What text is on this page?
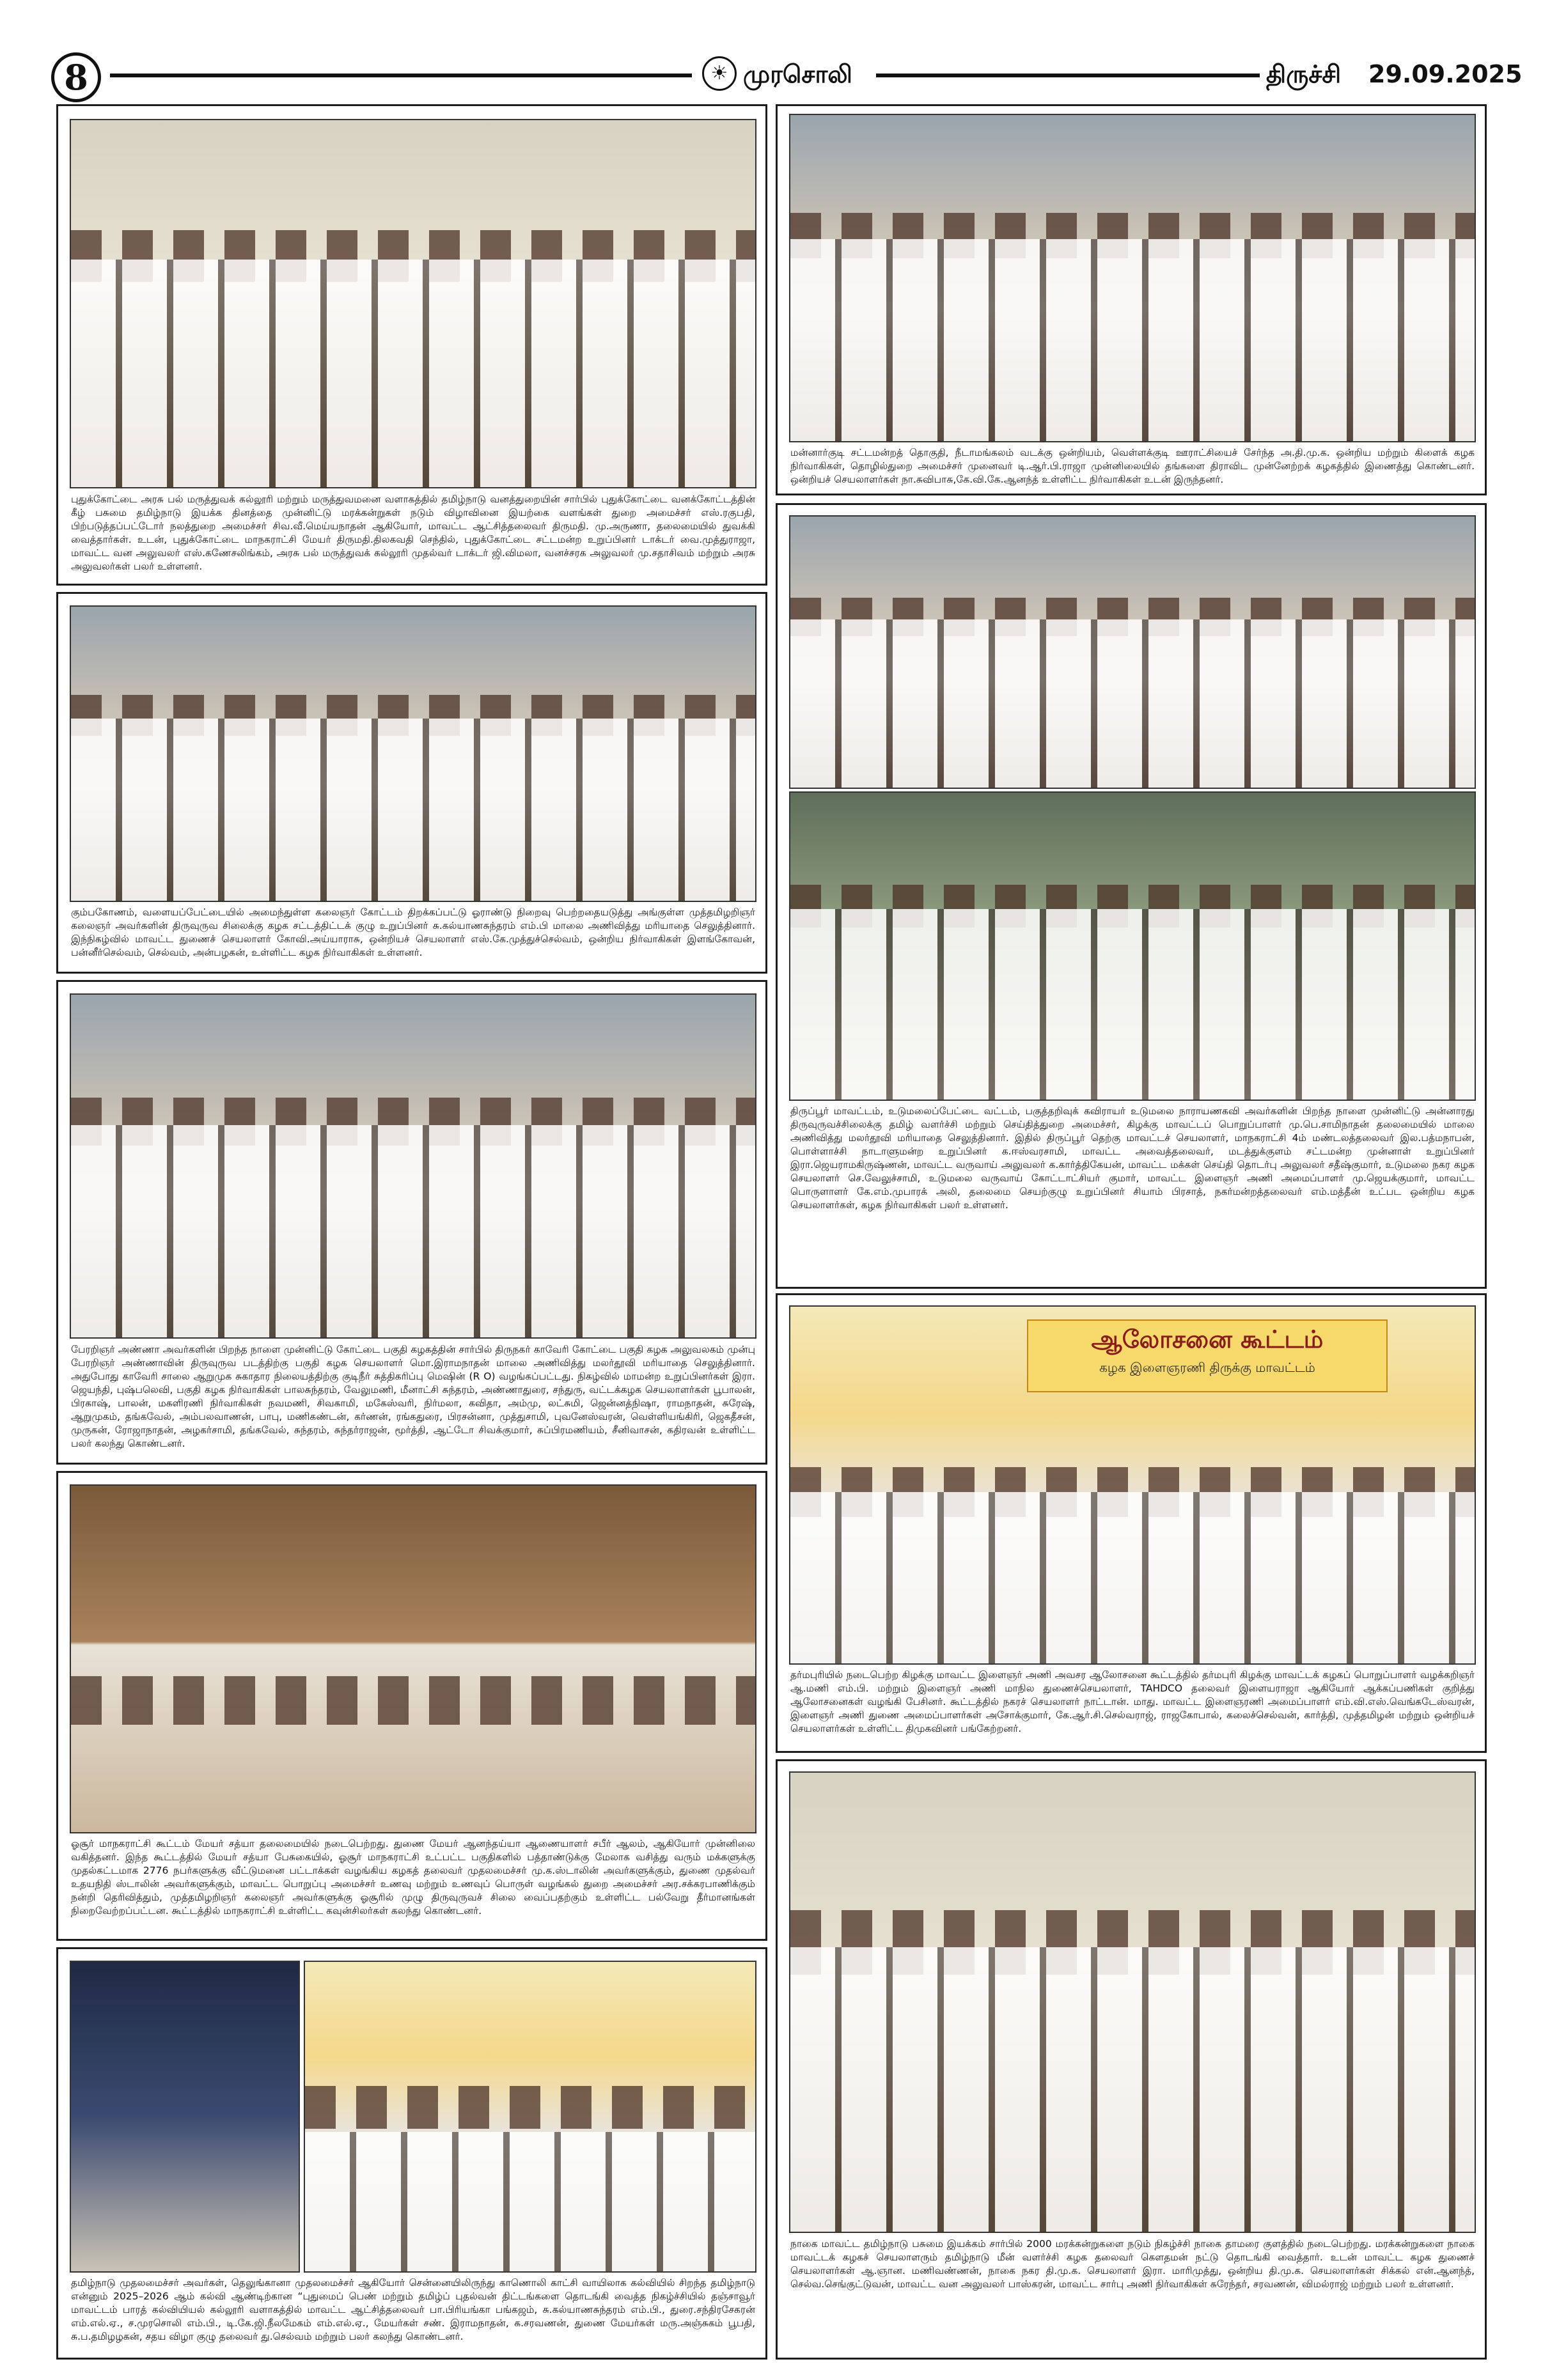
8	☀ முரசொலி	திருச்சி 29.09.2025
புதுக்கோட்டை அரசு பல் மருத்துவக் கல்லூரி மற்றும் மருத்துவமனை வளாகத்தில் தமிழ்நாடு வனத்துறையின் சார்பில் புதுக்கோட்டை வனக்கோட்டத்தின் கீழ் பசுமை தமிழ்நாடு இயக்க தினத்தை முன்னிட்டு மரக்கன்றுகள் நடும் விழாவினை இயற்கை வளங்கள் துறை அமைச்சர் எஸ்.ரகுபதி, பிற்படுத்தப்பட்டோர் நலத்துறை அமைச்சர் சிவ.வீ.மெய்யநாதன் ஆகியோர், மாவட்ட ஆட்சித்தலைவர் திருமதி. மு.அருணா, தலைமையில் துவக்கி வைத்தார்கள். உடன், புதுக்கோட்டை மாநகராட்சி மேயர் திருமதி.திலகவதி செந்தில், புதுக்கோட்டை சட்டமன்ற உறுப்பினர் டாக்டர் வை.முத்துராஜா, மாவட்ட வன அலுவலர் எஸ்.கணேசலிங்கம், அரசு பல் மருத்துவக் கல்லூரி முதல்வர் டாக்டர் ஜி.விமலா, வனச்சரக அலுவலர் மு.சதாசிவம் மற்றும் அரசு அலுவலர்கள் பலர் உள்ளனர்.
கும்பகோணம், வளையப்பேட்டையில் அமைந்துள்ள கலைஞர் கோட்டம் திறக்கப்பட்டு ஓராண்டு நிறைவு பெற்றதையடுத்து அங்குள்ள முத்தமிழறிஞர் கலைஞர் அவர்களின் திருவுருவ சிலைக்கு கழக சட்டத்திட்டக் குழு உறுப்பினர் சு.கல்யாணசுந்தரம் எம்.பி மாலை அணிவித்து மரியாதை செலுத்தினார். இந்நிகழ்வில் மாவட்ட துணைச் செயலாளர் கோவி.அய்யாராசு, ஒன்றியச் செயலாளர் எஸ்.கே.முத்துச்செல்வம், ஒன்றிய நிர்வாகிகள் இளங்கோவன், பன்னீர்செல்வம், செல்வம், அன்பழகன், உள்ளிட்ட கழக நிர்வாகிகள் உள்ளனர்.
பேரறிஞர் அண்ணா அவர்களின் பிறந்த நாளை முன்னிட்டு கோட்டை பகுதி கழகத்தின் சார்பில் திருநகர் காவேரி கோட்டை பகுதி கழக அலுவலகம் முன்பு பேரறிஞர் அண்ணாவின் திருவுருவ படத்திற்கு பகுதி கழக செயலாளர் மொ.இராமநாதன் மாலை அணிவித்து மலர்தூவி மரியாதை செலுத்தினார். அதுபோது காவேரி சாலை ஆறுமுக சுகாதார நிலையத்திற்கு குடிநீர் சுத்திகரிப்பு மெஷின் (R O) வழங்கப்பட்டது. நிகழ்வில் மாமன்ற உறுப்பினர்கள் இரா. ஜெயந்தி, புஷ்பலெவி, பகுதி கழக நிர்வாகிகள் பாலசுந்தரம், வேலுமணி, மீனாட்சி சுந்தரம், அண்ணாதுரை, சந்துரு, வட்டக்கழக செயலாளர்கள் பூபாலன், பிரகாஷ், பாலன், மகளிரணி நிர்வாகிகள் நவமணி, சிவகாமி, மகேஸ்வரி, நிர்மலா, கவிதா, அம்மு, லட்சுமி, ஜென்னத்நிஷா, ராமநாதன், சுரேஷ், ஆறுமுகம், தங்கவேல், அம்பலவாணன், பாபு, மணிகண்டன், கர்ணன், ரங்கதுரை, பிரசன்னா, முத்துசாமி, புவனேஸ்வரன், வெள்ளியங்கிரி, ஜெகதீசன், முருகன், ரோஜாநாதன், அழகர்சாமி, தங்கவேல், சுந்தரம், சுந்தர்ராஜன், மூர்த்தி, ஆட்டோ சிவக்குமார், சுப்பிரமணியம், சீனிவாசன், கதிரவன் உள்ளிட்ட பலர் கலந்து கொண்டனர்.
ஓசூர் மாநகராட்சி கூட்டம் மேயர் சத்யா தலைமையில் நடைபெற்றது. துணை மேயர் ஆனந்தய்யா ஆணையாளர் சபீர் ஆலம், ஆகியோர் முன்னிலை வகித்தனர். இந்த கூட்டத்தில் மேயர் சத்யா பேசுகையில், ஓசூர் மாநகராட்சி உட்பட்ட பகுதிகளில் பத்தாண்டுக்கு மேலாக வசித்து வரும் மக்களுக்கு முதல்கட்டமாக 2776 நபர்களுக்கு வீட்டுமனை பட்டாக்கள் வழங்கிய கழகத் தலைவர் முதலமைச்சர் மு.க.ஸ்டாலின் அவர்களுக்கும், துணை முதல்வர் உதயநிதி ஸ்டாலின் அவர்களுக்கும், மாவட்ட பொறுப்பு அமைச்சர் உணவு மற்றும் உணவுப் பொருள் வழங்கல் துறை அமைச்சர் அர.சக்கரபாணிக்கும் நன்றி தெரிவித்தும், முத்தமிழறிஞர் கலைஞர் அவர்களுக்கு ஓசூரில் முழு திருவுருவச் சிலை வைப்பதற்கும் உள்ளிட்ட பல்வேறு தீர்மானங்கள் நிறைவேற்றப்பட்டன. கூட்டத்தில் மாநகராட்சி உள்ளிட்ட கவுன்சிலர்கள் கலந்து கொண்டனர்.
தமிழ்நாடு முதலமைச்சர் அவர்கள், தெலுங்கானா முதலமைச்சர் ஆகியோர் சென்னையிலிருந்து காணொலி காட்சி வாயிலாக கல்வியில் சிறந்த தமிழ்நாடு என்னும் 2025–2026 ஆம் கல்வி ஆண்டிற்கான “புதுமைப் பெண் மற்றும் தமிழ்ப் புதல்வன் திட்டங்களை தொடங்கி வைத்த நிகழ்ச்சியில் தஞ்சாவூர் மாவட்டம் பாரத் கல்வியியல் கல்லூரி வளாகத்தில் மாவட்ட ஆட்சித்தலைவர் பா.பிரியங்கா பங்கஜம், சு.கல்யாணசுந்தரம் எம்.பி., துரை.சந்திரசேகரன் எம்.எல்.ஏ., ச.முரசொலி எம்.பி., டி.கே.ஜி.நீலமேகம் எம்.எல்.ஏ., மேயர்கள் சண். இராமநாதன், க.சரவணன், துணை மேயர்கள் மரு.அஞ்சுகம் பூபதி, சு.ப.தமிழழகன், சதய விழா குழு தலைவர் து.செல்வம் மற்றும் பலர் கலந்து கொண்டனர்.
மன்னார்குடி சட்டமன்றத் தொகுதி, நீடாமங்கலம் வடக்கு ஒன்றியம், வெள்ளக்குடி ஊராட்சியைச் சேர்ந்த அ.தி.மு.க. ஒன்றிய மற்றும் கிளைக் கழக நிர்வாகிகள், தொழில்துறை அமைச்சர் முனைவர் டி.ஆர்.பி.ராஜா முன்னிலையில் தங்களை திராவிட முன்னேற்றக் கழகத்தில் இணைத்து கொண்டனர். ஒன்றியச் செயலாளர்கள் நா.சுவிபாசு,கே.வி.கே.ஆனந்த் உள்ளிட்ட நிர்வாகிகள் உடன் இருந்தனர்.
திருப்பூர் மாவட்டம், உடுமலைப்பேட்டை வட்டம், பகுத்தறிவுக் கவிராயர் உடுமலை நாராயணகவி அவர்களின் பிறந்த நாளை முன்னிட்டு அன்னாரது திருவுருவச்சிலைக்கு தமிழ் வளர்ச்சி மற்றும் செய்தித்துறை அமைச்சர், கிழக்கு மாவட்டப் பொறுப்பாளர் மு.பெ.சாமிநாதன் தலைமையில் மாலை அணிவித்து மலர்தூவி மரியாதை செலுத்தினார். இதில் திருப்பூர் தெற்கு மாவட்டச் செயலாளர், மாநகராட்சி 4ம் மண்டலத்தலைவர் இல.பத்மநாபன், பொள்ளாச்சி நாடாளுமன்ற உறுப்பினர் க.ஈஸ்வரசாமி, மாவட்ட அவைத்தலைவர், மடத்துக்குளம் சட்டமன்ற முன்னாள் உறுப்பினர் இரா.ஜெயராமகிருஷ்ணன், மாவட்ட வருவாய் அலுவலர் க.கார்த்திகேயன், மாவட்ட மக்கள் செய்தி தொடர்பு அலுவலர் சதீஷ்குமார், உடுமலை நகர கழக செயலாளர் செ.வேலுச்சாமி, உடுமலை வருவாய் கோட்டாட்சியர் குமார், மாவட்ட இளைஞர் அணி அமைப்பாளர் மு.ஜெயக்குமார், மாவட்ட பொருளாளர் கே.எம்.முபாரக் அலி, தலைமை செயற்குழு உறுப்பினர் சியாம் பிரசாத், நகர்மன்றத்தலைவர் எம்.மத்தீன் உட்பட ஒன்றிய கழக செயலாளர்கள், கழக நிர்வாகிகள் பலர் உள்ளனர்.
ஆலோசனை கூட்டம்
கழக இளைஞரணி திருக்கு மாவட்டம்
தர்மபுரியில் நடைபெற்ற கிழக்கு மாவட்ட இளைஞர் அணி அவசர ஆலோசனை கூட்டத்தில் தர்மபுரி கிழக்கு மாவட்டக் கழகப் பொறுப்பாளர் வழக்கறிஞர் ஆ.மணி எம்.பி. மற்றும் இளைஞர் அணி மாநில துணைச்செயலாளர், TAHDCO தலைவர் இளையராஜா ஆகியோர் ஆக்கப்பணிகள் குறித்து ஆலோசனைகள் வழங்கி பேசினர். கூட்டத்தில் நகரச் செயலாளர் நாட்டான். மாது. மாவட்ட இளைஞரணி அமைப்பாளர் எம்.வி.எஸ்.வெங்கடேஸ்வரன், இளைஞர் அணி துணை அமைப்பாளர்கள் அசோக்குமார், கே.ஆர்.சி.செல்வராஜ், ராஜகோபால், கலைச்செல்வன், கார்த்தி, முத்தமிழன் மற்றும் ஒன்றியச் செயலாளர்கள் உள்ளிட்ட திமுகவினர் பங்கேற்றனர்.
நாகை மாவட்ட தமிழ்நாடு பசுமை இயக்கம் சார்பில் 2000 மரக்கன்றுகளை நடும் நிகழ்ச்சி நாகை தாமரை குளத்தில் நடைபெற்றது. மரக்கன்றுகளை நாகை மாவட்டக் கழகச் செயலாளரும் தமிழ்நாடு மீன் வளர்ச்சி கழக தலைவர் கௌதமன் நட்டு தொடங்கி வைத்தார். உடன் மாவட்ட கழக துணைச் செயலாளர்கள் ஆ.ஞான. மணிவண்ணன், நாகை நகர தி.மு.க. செயலாளர் இரா. மாரிமுத்து, ஒன்றிய தி.மு.க. செயலாளர்கள் சிக்கல் என்.ஆனந்த், செல்வ.செங்குட்டுவன், மாவட்ட வன அலுவலர் பாஸ்கரன், மாவட்ட சார்பு அணி நிர்வாகிகள் சுரேந்தர், சரவணன், விமல்ராஜ் மற்றும் பலர் உள்ளனர்.
